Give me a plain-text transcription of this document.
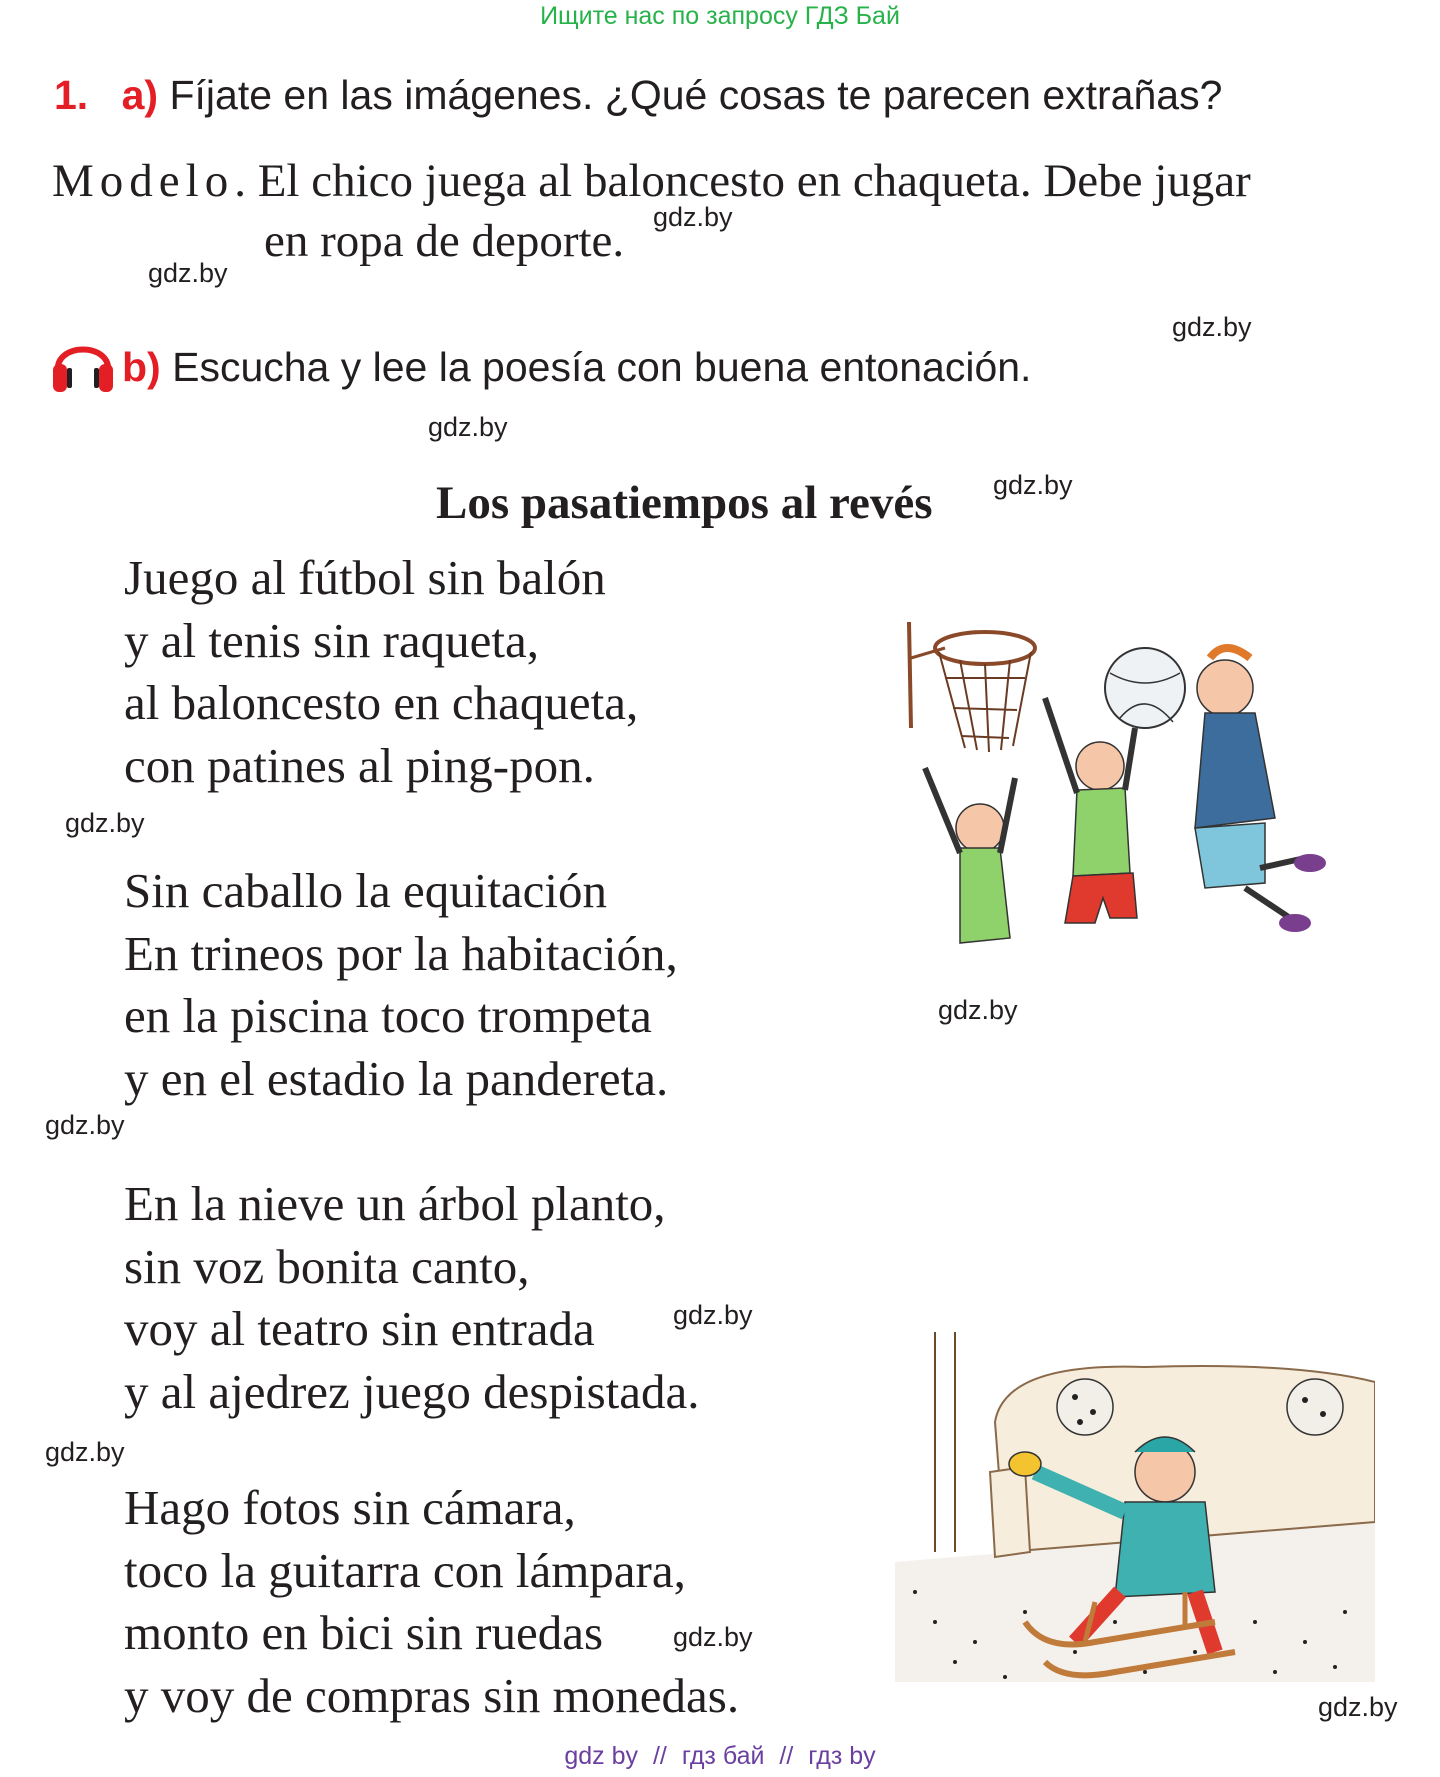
Ищите нас по запросу ГДЗ Бай
1. a) Fíjate en las imágenes. ¿Qué cosas te parecen extrañas?
Modelo. El chico juega al baloncesto en chaqueta. Debe jugar
en ropa de deporte.
b) Escucha y lee la poesía con buena entonación.
Los pasatiempos al revés
Juego al fútbol sin balón
y al tenis sin raqueta,
al baloncesto en chaqueta,
con patines al ping-pon.
Sin caballo la equitación
En trineos por la habitación,
en la piscina toco trompeta
y en el estadio la pandereta.
En la nieve un árbol planto,
sin voz bonita canto,
voy al teatro sin entrada
y al ajedrez juego despistada.
Hago fotos sin cámara,
toco la guitarra con lámpara,
monto en bici sin ruedas
y voy de compras sin monedas.
gdz.by
gdz.by
gdz.by
gdz.by
gdz.by
gdz.by
gdz.by
gdz.by
gdz.by
gdz.by
gdz.by
gdz.by
gdz by // гдз бай // гдз by
